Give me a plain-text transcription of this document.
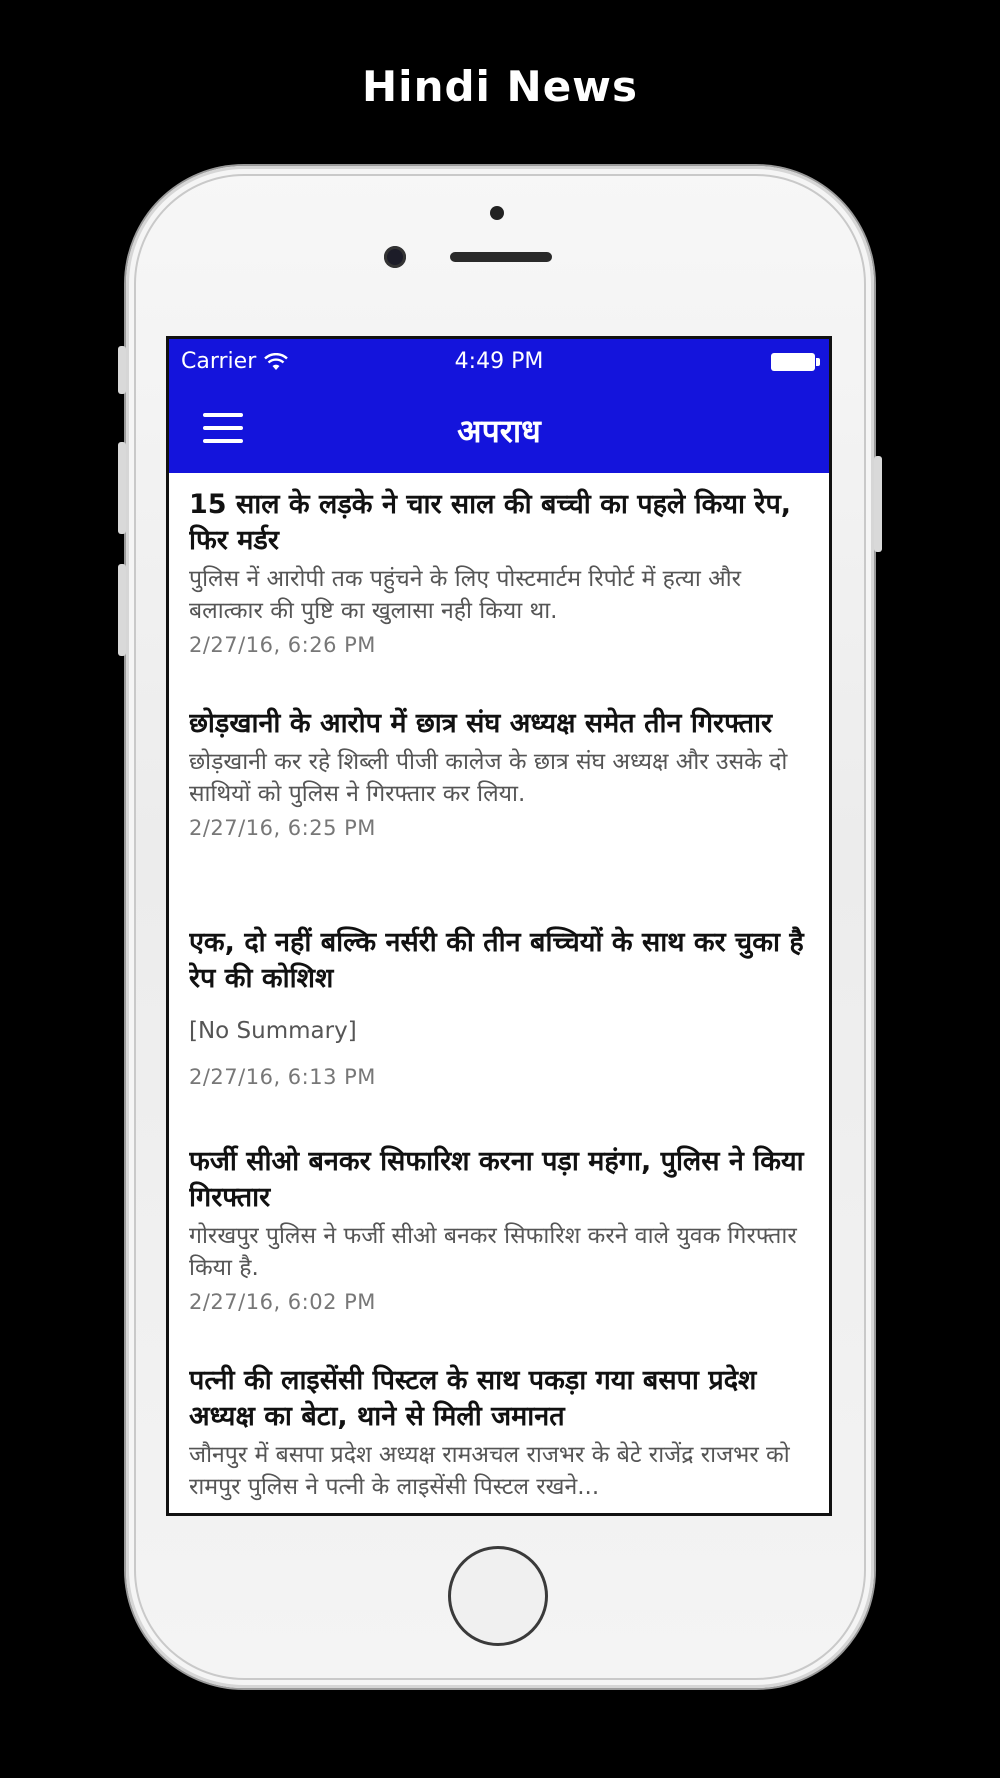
Hindi News
Carrier	4:49 PM
अपराध
15 साल के लड़के ने चार साल की बच्ची का पहले किया रेप, फिर मर्डर
पुलिस नें आरोपी तक पहुंचने के लिए पोस्टमार्टम रिपोर्ट में हत्या और बलात्कार की पुष्टि का खुलासा नही किया था.
2/27/16, 6:26 PM
छोड़खानी के आरोप में छात्र संघ अध्यक्ष समेत तीन गिरफ्तार
छोड़खानी कर रहे शिब्ली पीजी कालेज के छात्र संघ अध्यक्ष और उसके दो साथियों को पुलिस ने गिरफ्तार कर लिया.
2/27/16, 6:25 PM
एक, दो नहीं बल्कि नर्सरी की तीन बच्चियों के साथ कर चुका है रेप की कोशिश
[No Summary]
2/27/16, 6:13 PM
फर्जी सीओ बनकर सिफारिश करना पड़ा महंगा, पुलिस ने किया गिरफ्तार
गोरखपुर पुलिस ने फर्जी सीओ बनकर सिफारिश करने वाले युवक गिरफ्तार किया है.
2/27/16, 6:02 PM
पत्नी की लाइसेंसी पिस्टल के साथ पकड़ा गया बसपा प्रदेश अध्यक्ष का बेटा, थाने से मिली जमानत
जौनपुर में बसपा प्रदेश अध्यक्ष रामअचल राजभर के बेटे राजेंद्र राजभर को रामपुर पुलिस ने पत्नी के लाइसेंसी पिस्टल रखने...
